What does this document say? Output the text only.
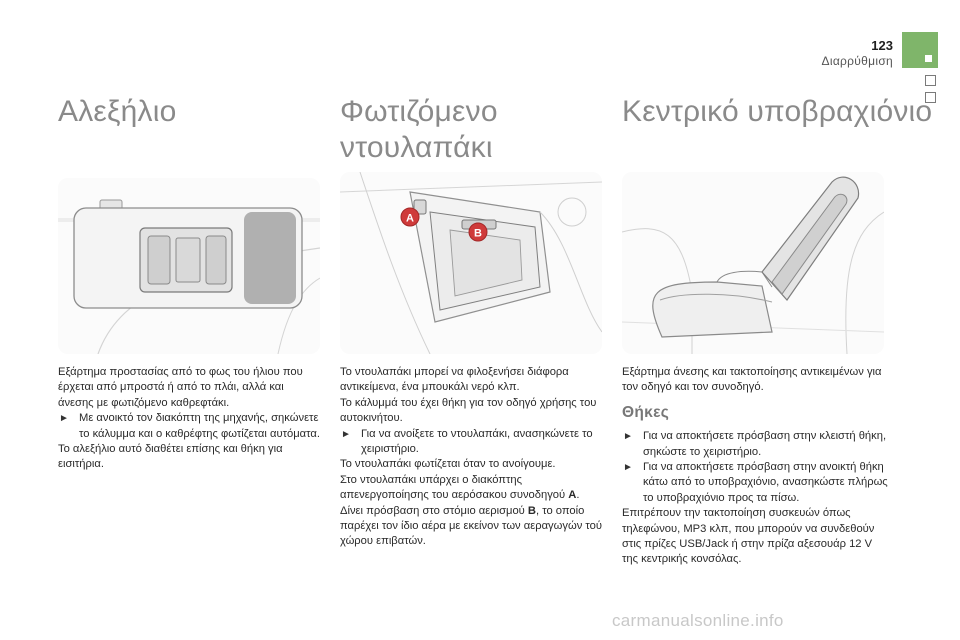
123
Διαρρύθμιση
Αλεξήλιο

Εξάρτημα προστασίας από το φως του ήλιου που έρχεται από μπροστά ή από το πλάι, αλλά και άνεσης με φωτιζόμενο καθρεφτάκι.

► Με ανοικτό τον διακόπτη της μηχανής, σηκώνετε το κάλυμμα και ο καθρέφτης φωτίζεται αυτόματα.

Το αλεξήλιο αυτό διαθέτει επίσης και θήκη για εισιτήρια.

Φωτιζόμενο
ντουλαπάκι
A
B

Το ντουλαπάκι μπορεί να φιλοξενήσει διάφορα αντικείμενα, ένα μπουκάλι νερό κλπ.

Το κάλυμμά του έχει θήκη για τον οδηγό χρήσης του αυτοκινήτου.

► Για να ανοίξετε το ντουλαπάκι, ανασηκώνετε το χειριστήριο.

Το ντουλαπάκι φωτίζεται όταν το ανοίγουμε.

Στο ντουλαπάκι υπάρχει ο διακόπτης απενεργοποίησης του αερόσακου συνοδηγού A.

Δίνει πρόσβαση στο στόμιο αερισμού B, το οποίο παρέχει τον ίδιο αέρα με εκείνον των αεραγωγών τού χώρου επιβατών.

Κεντρικό υποβραχιόνιο

Εξάρτημα άνεσης και τακτοποίησης αντικειμένων για τον οδηγό και τον συνοδηγό.

Θήκες

► Για να αποκτήσετε πρόσβαση στην κλειστή θήκη, σηκώστε το χειριστήριο.

► Για να αποκτήσετε πρόσβαση στην ανοικτή θήκη κάτω από το υποβραχιόνιο, ανασηκώστε πλήρως το υποβραχιόνιο προς τα πίσω.

Επιτρέπουν την τακτοποίηση συσκευών όπως τηλεφώνου, MP3 κλπ, που μπορούν να συνδεθούν στις πρίζες USB/Jack ή στην πρίζα αξεσουάρ 12 V της κεντρικής κονσόλας.

carmanualsonline.info
